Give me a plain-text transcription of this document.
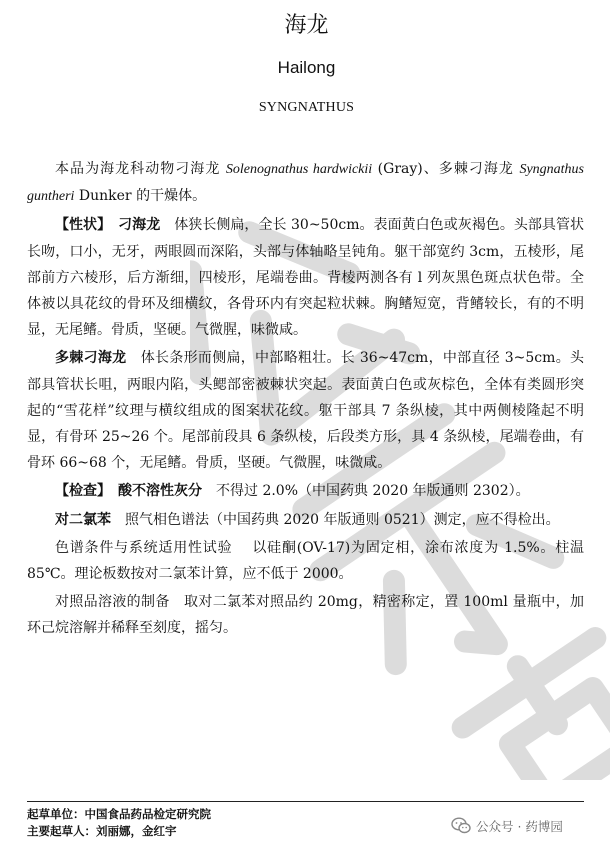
海龙
Hailong
SYNGNATHUS

本品为海龙科动物刁海龙 Solenognathus hardwickii (Gray)、多棘刁海龙 Syngnathus guntheri Dunker 的干燥体。

【性状】　 刁海龙　 体狭长侧扁，全长 30~50cm。表面黄白色或灰褐色。头部具管状长吻，口小，无牙，两眼圆而深陷，头部与体轴略呈钝角。躯干部宽约 3cm，五棱形，尾部前方六棱形，后方渐细，四棱形，尾端卷曲。背棱两测各有 l 列灰黑色斑点状色带。全体被以具花纹的骨环及细横纹，各骨环内有突起粒状棘。胸鳍短宽，背鳍较长，有的不明显，无尾鳍。骨质，坚硬。气微腥，味微咸。

多棘刁海龙　 体长条形而侧扁，中部略粗壮。长 36~47cm，中部直径 3~5cm。头部具管状长咀，两眼内陷，头鳃部密被棘状突起。表面黄白色或灰棕色，全体有类圆形突起的“雪花样”纹理与横纹组成的图案状花纹。躯干部具 7 条纵棱，其中两侧棱隆起不明显，有骨环 25~26 个。尾部前段具 6 条纵棱，后段类方形，具 4 条纵棱，尾端卷曲，有骨环 66~68 个，无尾鳍。骨质，坚硬。气微腥，味微咸。

【检查】　 酸不溶性灰分　 不得过 2.0%（中国药典 2020 年版通则 2302）。

对二氯苯　 照气相色谱法（中国药典 2020 年版通则 0521）测定，应不得检出。

色谱条件与系统适用性试验　 以硅酮(OV-17)为固定相，涂布浓度为 1.5%。柱温 85℃。理论板数按对二氯苯计算，应不低于 2000。

对照品溶液的制备　取对二氯苯对照品约 20mg，精密称定，置 100ml 量瓶中，加环己烷溶解并稀释至刻度，摇匀。

起草单位：中国食品药品检定研究院
主要起草人：刘丽娜，金红宇	公众号 · 药博园
